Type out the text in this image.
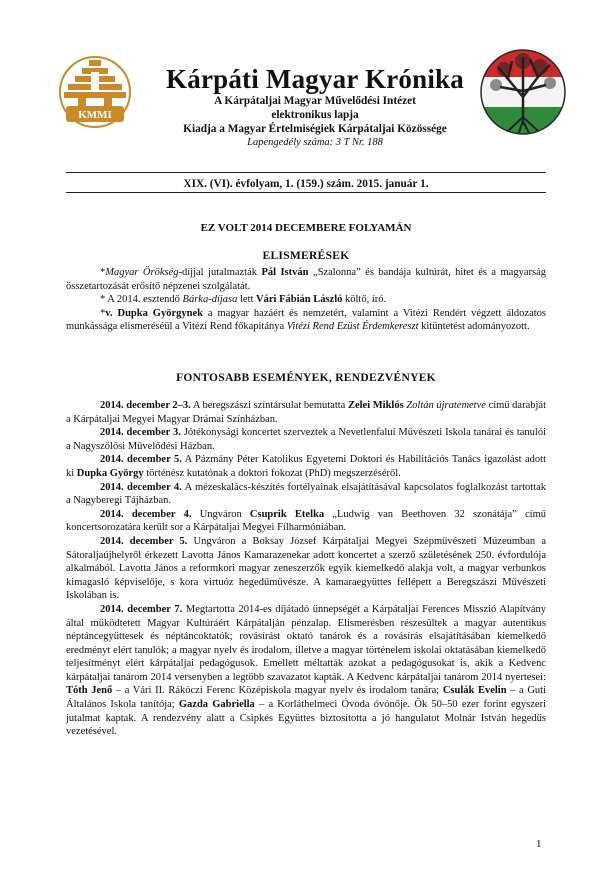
KMMI
Kárpáti Magyar Krónika
A Kárpátaljai Magyar Művelődési Intézet
elektronikus lapja
Kiadja a Magyar Értelmiségiek Kárpátaljai Közössége
Lapengedély száma: 3 T Nr. 188
XIX. (VI). évfolyam, 1. (159.) szám. 2015. január 1.
EZ VOLT 2014 DECEMBERE FOLYAMÁN
ELISMERÉSEK

*Magyar Örökség-díjjal jutalmazták Pál István „Szalonna” és bandája kultúrát, hitet és a magyarság összetartozását erősítő népzenei szolgálatát.

* A 2014. esztendő Bárka-díjasa lett Vári Fábián László költő, író.

*v. Dupka Györgynek a magyar hazáért és nemzetért, valamint a Vitézi Rendért végzett áldozatos munkássága elismeréséül a Vitézi Rend főkapitánya Vitézi Rend Ezüst Érdemkereszt kitüntetést adományozott.

FONTOSABB ESEMÉNYEK, RENDEZVÉNYEK

2014. december 2–3. A beregszászi színtársulat bemutatta Zelei Miklós Zoltán újratemetve című darabját a Kárpátaljai Megyei Magyar Drámai Színházban.

2014. december 3. Jótékonysági koncertet szerveztek a Nevetlenfalui Művészeti Iskola tanárai és tanulói a Nagyszőlősi Művelődési Házban.

2014. december 5. A Pázmány Péter Katolikus Egyetemi Doktori és Habilitációs Tanács igazolást adott ki Dupka György történész kutatónak a doktori fokozat (PhD) megszerzéséről.

2014. december 4. A mézeskalács-készítés fortélyainak elsajátításával kapcsolatos foglalkozást tartottak a Nagyberegi Tájházban.

2014. december 4. Ungváron Csuprik Etelka „Ludwig van Beethoven 32 szonátája” című koncertsorozatára került sor a Kárpátaljai Megyei Filharmóniában.

2014. december 5. Ungváron a Boksay József Kárpátaljai Megyei Szépművészeti Múzeumban a Sátoraljaújhelyről érkezett Lavotta János Kamarazenekar adott koncertet a szerző születésének 250. évfordulója alkalmából. Lavotta János a reformkori magyar zeneszerzők egyik kiemelkedő alakja volt, a magyar verbunkos kimagasló képviselője, s kora virtuóz hegedűművésze. A kamaraegyüttes fellépett a Beregszászi Művészeti Iskolában is.

2014. december 7. Megtartotta 2014-es díjátadó ünnepségét a Kárpátaljai Ferences Misszió Alapítvány által működtetett Magyar Kultúráért Kárpátalján pénzalap. Elismerésben részesültek a magyar autentikus néptáncegyüttesek és néptáncoktatók; rovásírást oktató tanárok és a rovásírás elsajátításában kiemelkedő eredményt elért tanulók; a magyar nyelv és irodalom, illetve a magyar történelem iskolai oktatásában kiemelkedő teljesítményt elért kárpátaljai pedagógusok. Emellett méltatták azokat a pedagógusokat is, akik a Kedvenc kárpátaljai tanárom 2014 versenyben a legtöbb szavazatot kapták. A Kedvenc kárpátaljai tanárom 2014 nyertesei: Tóth Jenő – a Vári II. Rákóczi Ferenc Középiskola magyar nyelv és irodalom tanára; Csulák Evelin – a Guti Általános Iskola tanítója; Gazda Gabriella – a Korláthelmeci Óvoda óvónője. Ők 50–50 ezer forint egyszeri jutalmat kaptak. A rendezvény alatt a Csipkés Együttes biztosította a jó hangulatot Molnár István hegedűs vezetésével.

1
